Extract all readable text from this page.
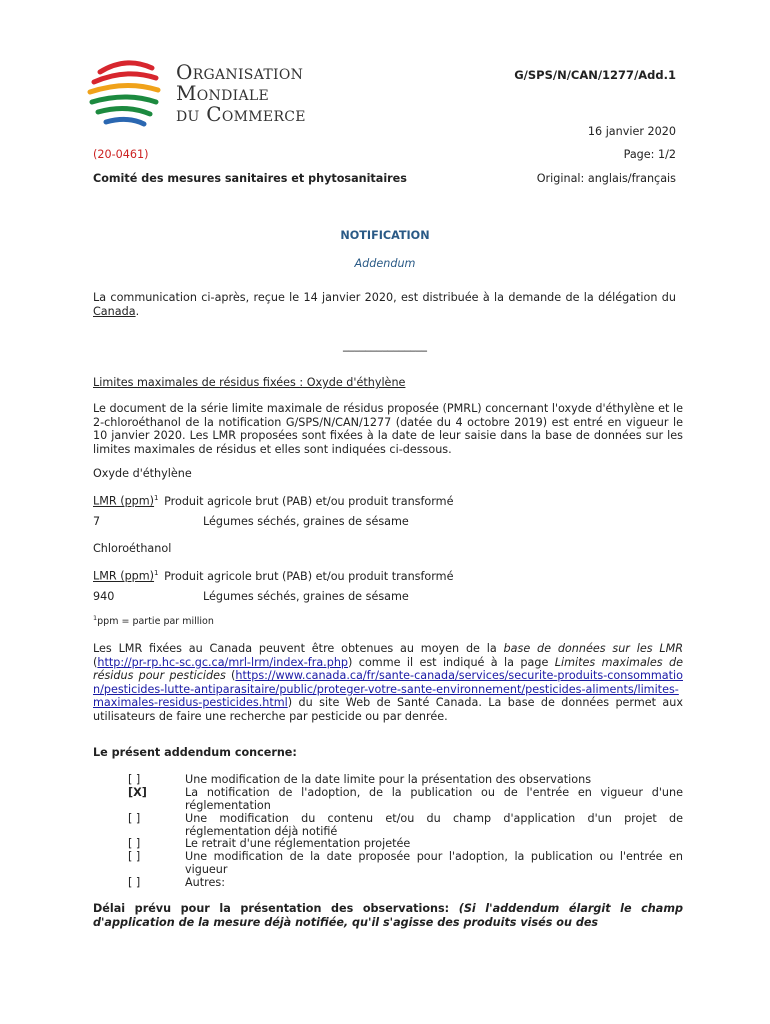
Organisation
Mondiale
du Commerce
G/SPS/N/CAN/1277/Add.1
16 janvier 2020
(20-0461)	Page: 1/2
Comité des mesures sanitaires et phytosanitaires	Original: anglais/français
NOTIFICATION
Addendum
La communication ci-après, reçue le 14 janvier 2020, est distribuée à la demande de la délégation du Canada.
_______________
Limites maximales de résidus fixées : Oxyde d'éthylène
Le document de la série limite maximale de résidus proposée (PMRL) concernant l'oxyde d'éthylène et le 2-chloroéthanol de la notification G/SPS/N/CAN/1277 (datée du 4 octobre 2019) est entré en vigueur le 10 janvier 2020. Les LMR proposées sont fixées à la date de leur saisie dans la base de données sur les limites maximales de résidus et elles sont indiquées ci-dessous.
Oxyde d'éthylène
LMR (ppm)$^1$ Produit agricole brut (PAB) et/ou produit transformé
7	Légumes séchés, graines de sésame
Chloroéthanol
LMR (ppm)$^1$ Produit agricole brut (PAB) et/ou produit transformé
940	Légumes séchés, graines de sésame
$^1$ppm = partie par million
Les LMR fixées au Canada peuvent être obtenues au moyen de la base de données sur les LMR (http://pr-rp.hc-sc.gc.ca/mrl-lrm/index-fra.php) comme il est indiqué à la page Limites maximales de résidus pour pesticides (https://www.canada.ca/fr/sante-canada/services/securite-produits-consommation/pesticides-lutte-antiparasitaire/public/proteger-votre-sante-environnement/pesticides-aliments/limites-maximales-residus-pesticides.html) du site Web de Santé Canada. La base de données permet aux utilisateurs de faire une recherche par pesticide ou par denrée.
Le présent addendum concerne:
[ ]	Une modification de la date limite pour la présentation des observations
[X]	La notification de l'adoption, de la publication ou de l'entrée en vigueur d'une réglementation
[ ]	Une modification du contenu et/ou du champ d'application d'un projet de réglementation déjà notifié
[ ]	Le retrait d'une réglementation projetée
[ ]	Une modification de la date proposée pour l'adoption, la publication ou l'entrée en vigueur
[ ]	Autres:
Délai prévu pour la présentation des observations: (Si l'addendum élargit le champ d'application de la mesure déjà notifiée, qu'il s'agisse des produits visés ou des
